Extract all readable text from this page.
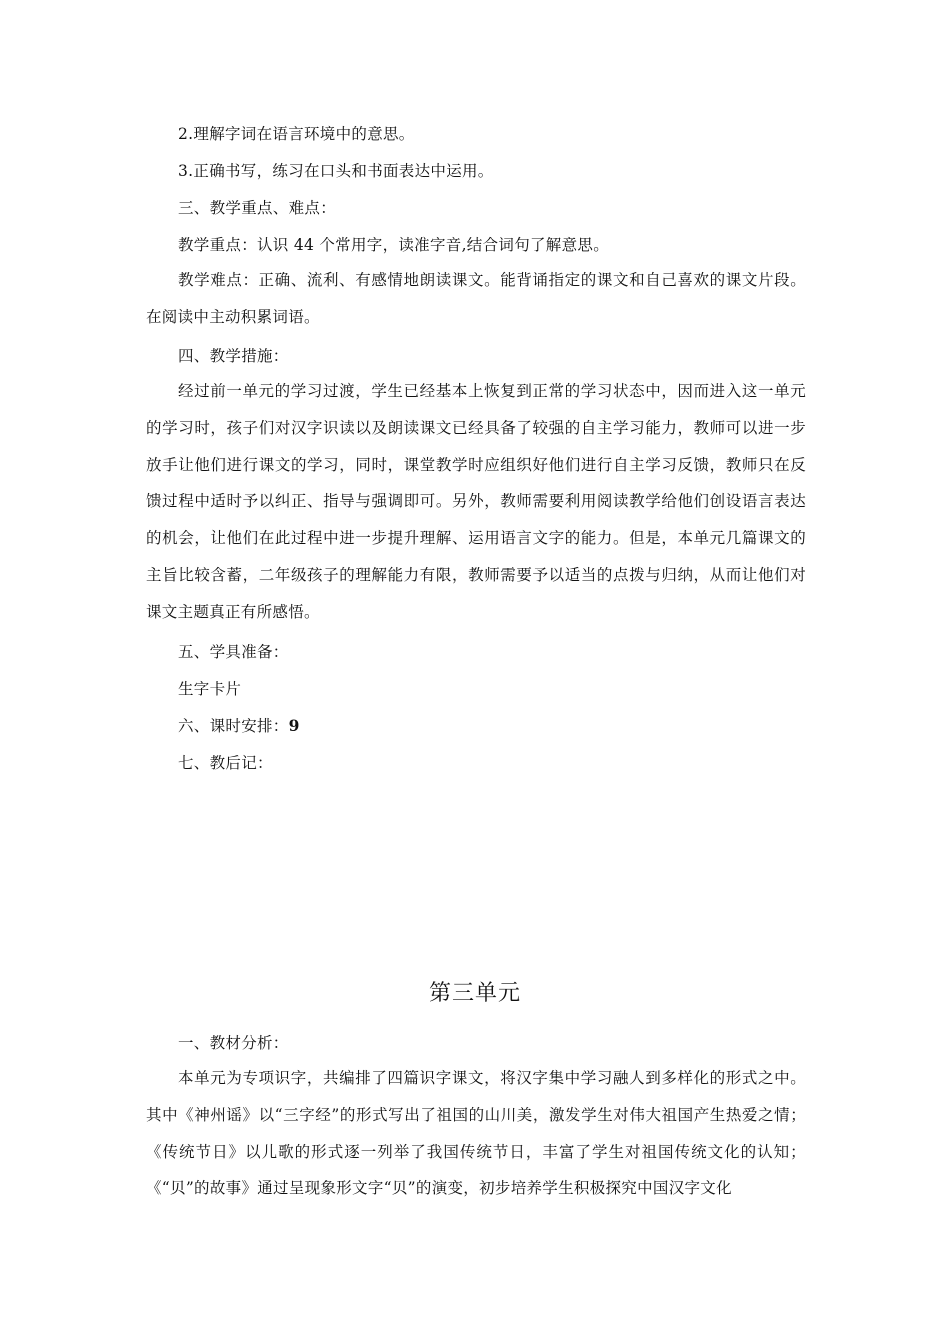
2.理解字词在语言环境中的意思。
3.正确书写，练习在口头和书面表达中运用。
三、教学重点、难点：
教学重点：认识 44 个常用字，读准字音,结合词句了解意思。
教学难点：正确、流利、有感情地朗读课文。能背诵指定的课文和自己喜欢的课文片段。在阅读中主动积累词语。
四、教学措施：
经过前一单元的学习过渡，学生已经基本上恢复到正常的学习状态中，因而进入这一单元的学习时，孩子们对汉字识读以及朗读课文已经具备了较强的自主学习能力，教师可以进一步放手让他们进行课文的学习，同时，课堂教学时应组织好他们进行自主学习反馈，教师只在反馈过程中适时予以纠正、指导与强调即可。另外，教师需要利用阅读教学给他们创设语言表达的机会，让他们在此过程中进一步提升理解、运用语言文字的能力。但是，本单元几篇课文的主旨比较含蓄，二年级孩子的理解能力有限，教师需要予以适当的点拨与归纳，从而让他们对课文主题真正有所感悟。
五、学具准备：
生字卡片
六、课时安排：9
七、教后记：
第三单元
一、教材分析：
本单元为专项识字，共编排了四篇识字课文，将汉字集中学习融人到多样化的形式之中。其中《神州谣》以“三字经”的形式写出了祖国的山川美，激发学生对伟大祖国产生热爱之情；《传统节日》以儿歌的形式逐一列举了我国传统节日，丰富了学生对祖国传统文化的认知；《“贝”的故事》通过呈现象形文字“贝”的演变，初步培养学生积极探究中国汉字文化
